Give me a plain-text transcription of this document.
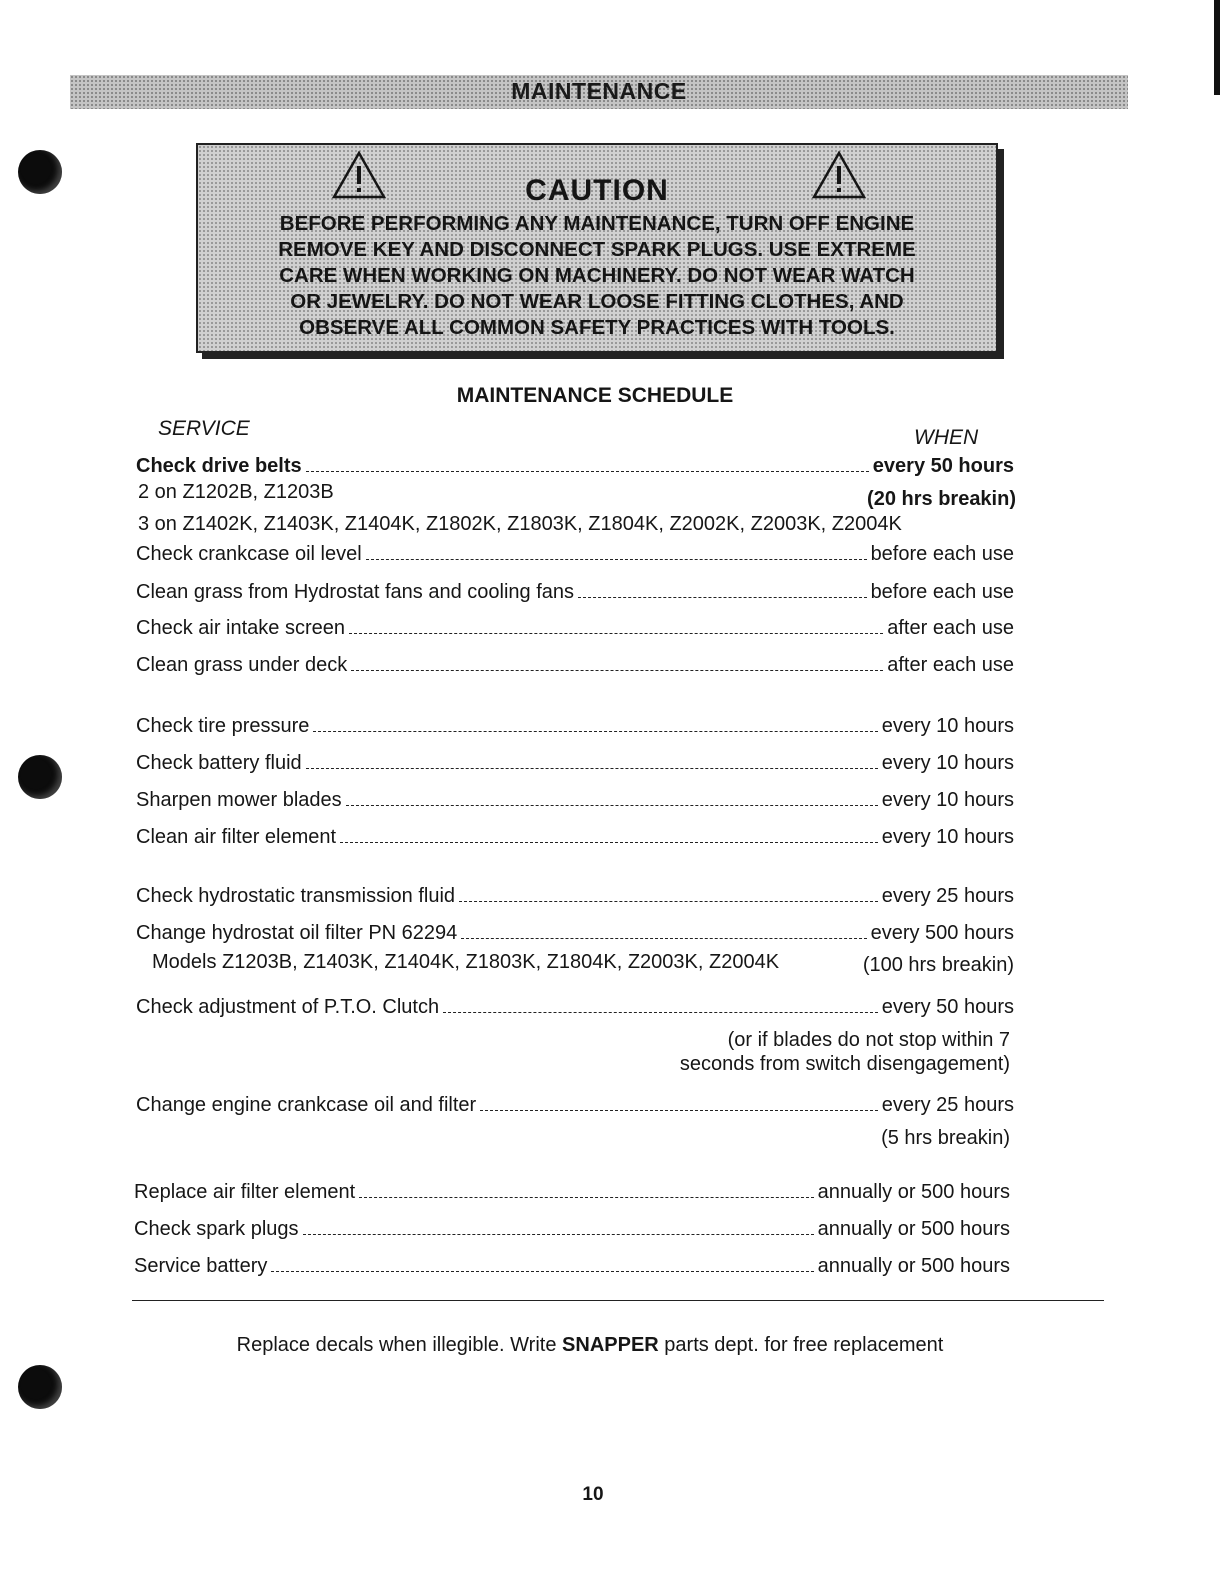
MAINTENANCE
CAUTION
BEFORE PERFORMING ANY MAINTENANCE, TURN OFF ENGINE
REMOVE KEY AND DISCONNECT SPARK PLUGS. USE EXTREME
CARE WHEN WORKING ON MACHINERY. DO NOT WEAR WATCH
OR JEWELRY. DO NOT WEAR LOOSE FITTING CLOTHES, AND
OBSERVE ALL COMMON SAFETY PRACTICES WITH TOOLS.
MAINTENANCE SCHEDULE
SERVICE	WHEN
Check drive belts	every 50 hours
2 on Z1202B, Z1203B	(20 hrs breakin)
3 on Z1402K, Z1403K, Z1404K, Z1802K, Z1803K, Z1804K, Z2002K, Z2003K, Z2004K
Check crankcase oil level	before each use
Clean grass from Hydrostat fans and cooling fans	before each use
Check air intake screen	after each use
Clean grass under deck	after each use
Check tire pressure	every 10 hours
Check battery fluid	every 10 hours
Sharpen mower blades	every 10 hours
Clean air filter element	every 10 hours
Check hydrostatic transmission fluid	every 25 hours
Change hydrostat oil filter PN 62294	every 500 hours
Models Z1203B, Z1403K, Z1404K, Z1803K, Z1804K, Z2003K, Z2004K	(100 hrs breakin)
Check adjustment of P.T.O. Clutch	every 50 hours
(or if blades do not stop within 7
seconds from switch disengagement)
Change engine crankcase oil and filter	every 25 hours
(5 hrs breakin)
Replace air filter element	annually or 500 hours
Check spark plugs	annually or 500 hours
Service battery	annually or 500 hours
Replace decals when illegible. Write SNAPPER parts dept. for free replacement
10
